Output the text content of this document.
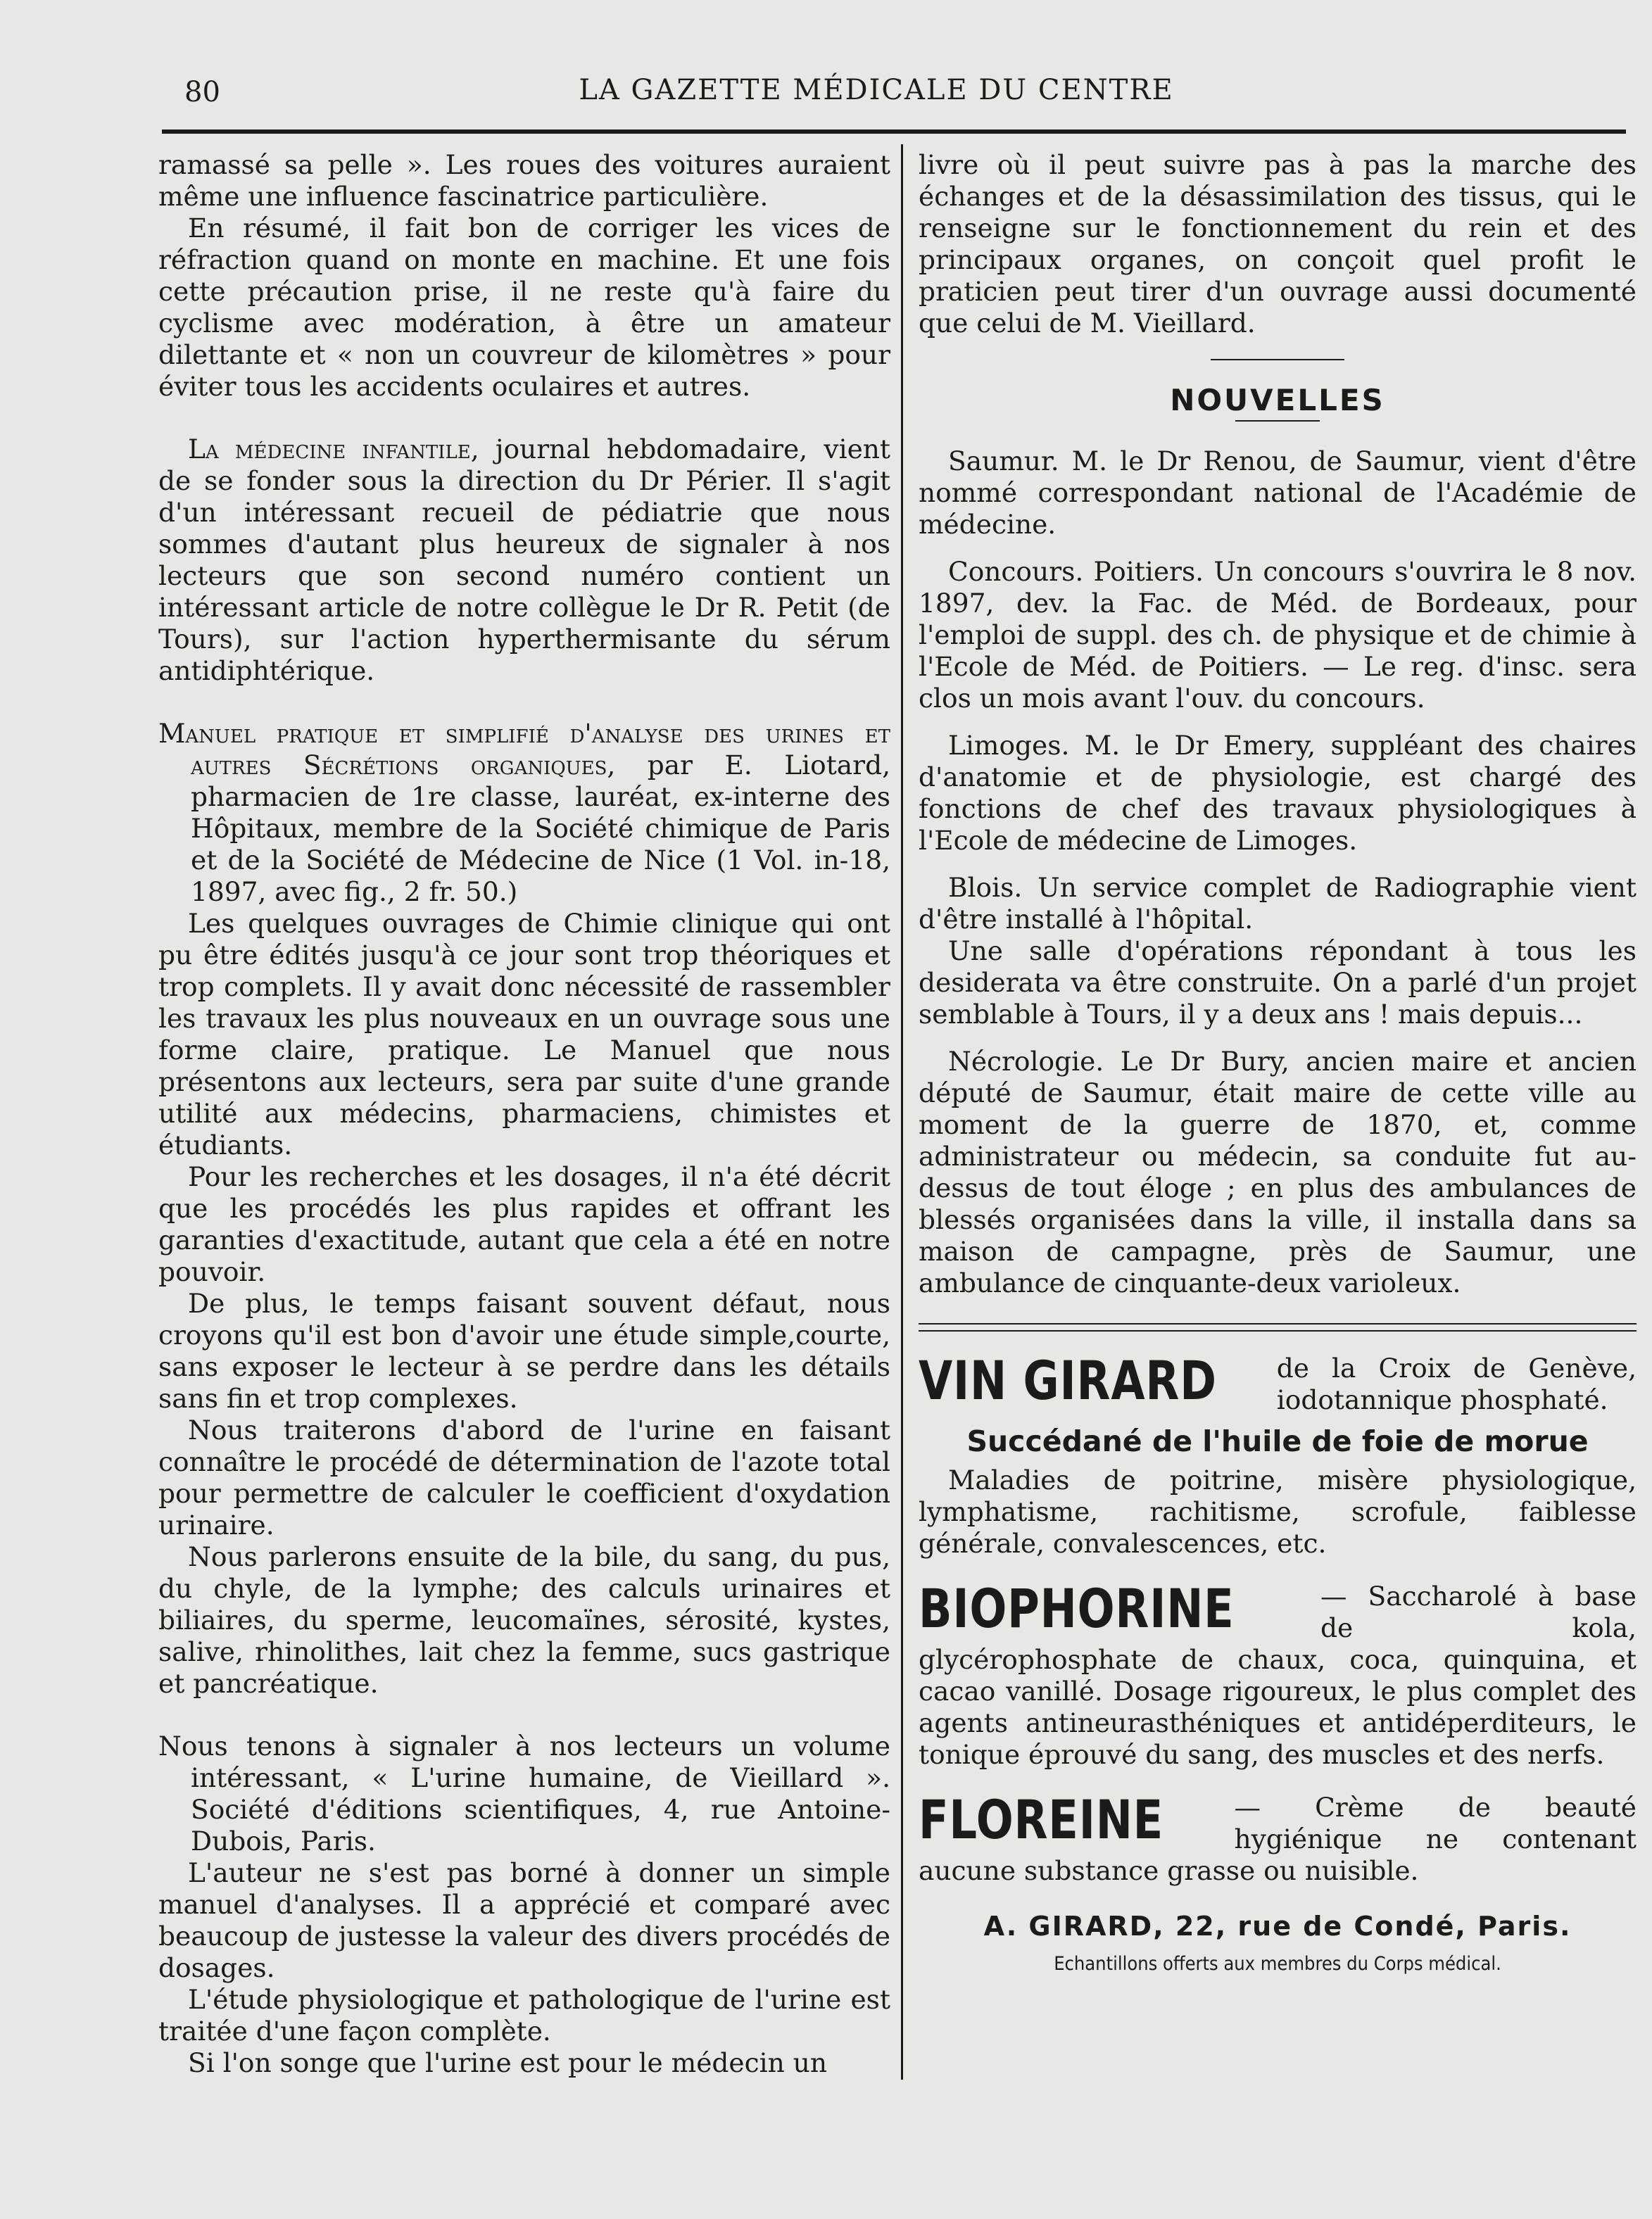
80	LA GAZETTE MÉDICALE DU CENTRE

ramassé sa pelle ». Les roues des voitures auraient même une influence fascinatrice particulière.

En résumé, il fait bon de corriger les vices de réfraction quand on monte en machine. Et une fois cette précaution prise, il ne reste qu'à faire du cyclisme avec modération, à être un amateur dilettante et « non un couvreur de kilomètres » pour éviter tous les accidents oculaires et autres.

La médecine infantile, journal hebdomadaire, vient de se fonder sous la direction du Dr Périer. Il s'agit d'un intéressant recueil de pédiatrie que nous sommes d'autant plus heureux de signaler à nos lecteurs que son second numéro contient un intéressant article de notre collègue le Dr R. Petit (de Tours), sur l'action hyperthermisante du sérum antidiphtérique.

Manuel pratique et simplifié d'analyse des urines et autres Sécrétions organiques, par E. Liotard, pharmacien de 1re classe, lauréat, ex-interne des Hôpitaux, membre de la Société chimique de Paris et de la Société de Médecine de Nice (1 Vol. in-18, 1897, avec fig., 2 fr. 50.)

Les quelques ouvrages de Chimie clinique qui ont pu être édités jusqu'à ce jour sont trop théoriques et trop complets. Il y avait donc nécessité de rassembler les travaux les plus nouveaux en un ouvrage sous une forme claire, pratique. Le Manuel que nous présentons aux lecteurs, sera par suite d'une grande utilité aux médecins, pharmaciens, chimistes et étudiants.

Pour les recherches et les dosages, il n'a été décrit que les procédés les plus rapides et offrant les garanties d'exactitude, autant que cela a été en notre pouvoir.

De plus, le temps faisant souvent défaut, nous croyons qu'il est bon d'avoir une étude simple,courte, sans exposer le lecteur à se perdre dans les détails sans fin et trop complexes.

Nous traiterons d'abord de l'urine en faisant connaître le procédé de détermination de l'azote total pour permettre de calculer le coefficient d'oxydation urinaire.

Nous parlerons ensuite de la bile, du sang, du pus, du chyle, de la lymphe; des calculs urinaires et biliaires, du sperme, leucomaïnes, sérosité, kystes, salive, rhinolithes, lait chez la femme, sucs gastrique et pancréatique.

Nous tenons à signaler à nos lecteurs un volume intéressant, « L'urine humaine, de Vieillard ». Société d'éditions scientifiques, 4, rue Antoine-Dubois, Paris.

L'auteur ne s'est pas borné à donner un simple manuel d'analyses. Il a apprécié et comparé avec beaucoup de justesse la valeur des divers procédés de dosages.

L'étude physiologique et pathologique de l'urine est traitée d'une façon complète.

Si l'on songe que l'urine est pour le médecin un

livre où il peut suivre pas à pas la marche des échanges et de la désassimilation des tissus, qui le renseigne sur le fonctionnement du rein et des principaux organes, on conçoit quel profit le praticien peut tirer d'un ouvrage aussi documenté que celui de M. Vieillard.

NOUVELLES

Saumur. M. le Dr Renou, de Saumur, vient d'être nommé correspondant national de l'Académie de médecine.

Concours. Poitiers. Un concours s'ouvrira le 8 nov. 1897, dev. la Fac. de Méd. de Bordeaux, pour l'emploi de suppl. des ch. de physique et de chimie à l'Ecole de Méd. de Poitiers. — Le reg. d'insc. sera clos un mois avant l'ouv. du concours.

Limoges. M. le Dr Emery, suppléant des chaires d'anatomie et de physiologie, est chargé des fonctions de chef des travaux physiologiques à l'Ecole de médecine de Limoges.

Blois. Un service complet de Radiographie vient d'être installé à l'hôpital.

Une salle d'opérations répondant à tous les desiderata va être construite. On a parlé d'un projet semblable à Tours, il y a deux ans ! mais depuis...

Nécrologie. Le Dr Bury, ancien maire et ancien député de Saumur, était maire de cette ville au moment de la guerre de 1870, et, comme administrateur ou médecin, sa conduite fut au-dessus de tout éloge ; en plus des ambulances de blessés organisées dans la ville, il installa dans sa maison de campagne, près de Saumur, une ambulance de cinquante-deux varioleux.

VIN GIRARD	de la Croix de Genève, iodotannique phosphaté.

Succédané de l'huile de foie de morue

Maladies de poitrine, misère physiologique, lymphatisme, rachitisme, scrofule, faiblesse générale, convalescences, etc.

BIOPHORINE	— Saccharolé à base de kola, glycérophosphate de chaux, coca, quinquina, et cacao vanillé. Dosage rigoureux, le plus complet des agents antineurasthéniques et antidéperditeurs, le tonique éprouvé du sang, des muscles et des nerfs.

FLOREINE	— Crème de beauté hygiénique ne contenant aucune substance grasse ou nuisible.

A. GIRARD, 22, rue de Condé, Paris.
Echantillons offerts aux membres du Corps médical.
